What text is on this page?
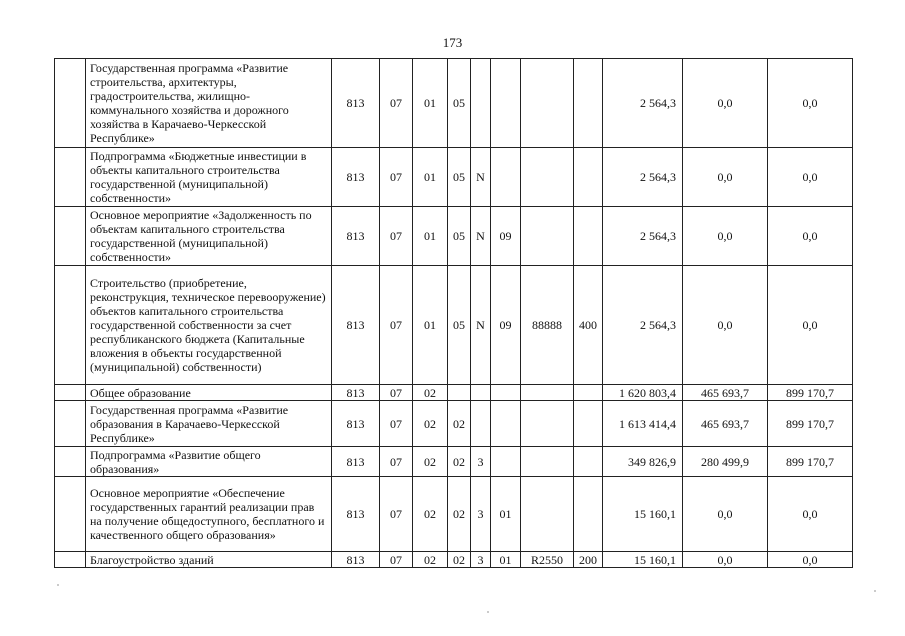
173
	Государственная программа «Развитие строительства, архитектуры, градостроительства, жилищно-коммунального хозяйства и дорожного хозяйства в Карачаево-Черкесской Республике»	813	07	01	05					2 564,3	0,0	0,0
	Подпрограмма «Бюджетные инвестиции в объекты капитального строительства государственной (муниципальной) собственности»	813	07	01	05	N				2 564,3	0,0	0,0
	Основное мероприятие «Задолженность по объектам капитального строительства государственной (муниципальной) собственности»	813	07	01	05	N	09			2 564,3	0,0	0,0
	Строительство (приобретение, реконструкция, техническое перевооружение) объектов капитального строительства государственной собственности за счет республиканского бюджета (Капитальные вложения в объекты государственной (муниципальной) собственности)	813	07	01	05	N	09	88888	400	2 564,3	0,0	0,0
	Общее образование	813	07	02						1 620 803,4	465 693,7	899 170,7
	Государственная программа «Развитие образования в Карачаево-Черкесской Республике»	813	07	02	02					1 613 414,4	465 693,7	899 170,7
	Подпрограмма «Развитие общего образования»	813	07	02	02	3				349 826,9	280 499,9	899 170,7
	Основное мероприятие «Обеспечение государственных гарантий реализации прав на получение общедоступного, бесплатного и качественного общего образования»	813	07	02	02	3	01			15 160,1	0,0	0,0
	Благоустройство зданий	813	07	02	02	3	01	R2550	200	15 160,1	0,0	0,0
